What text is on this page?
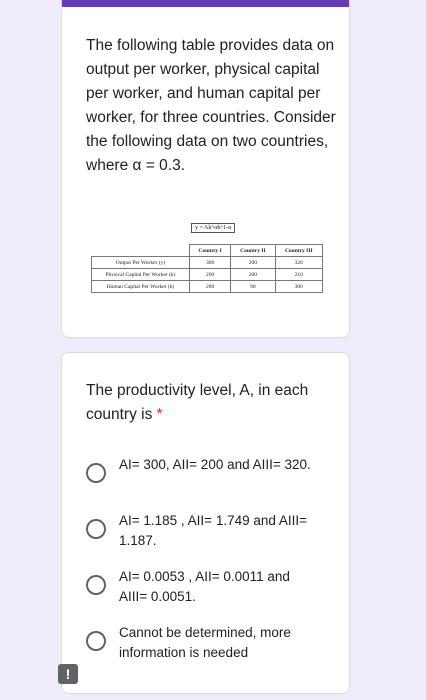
The following table provides data on output per worker, physical capital per worker, and human capital per worker, for three countries. Consider the following data on two countries, where α = 0.3.

y = Ak^αh^1-α
	Country I	Country II	Country III
Output Per Worker (y)	300	200	320
Physical Capital Per Worker (k)	200	200	210
Human Capital Per Worker (h)	280	90	300
The productivity level, A, in each country is *
AI= 300, AII= 200 and AIII= 320.
AI= 1.185 , AII= 1.749 and AIII= 1.187.
AI= 0.0053 , AII= 0.0011 and AIII= 0.0051.
Cannot be determined, more information is needed
!
